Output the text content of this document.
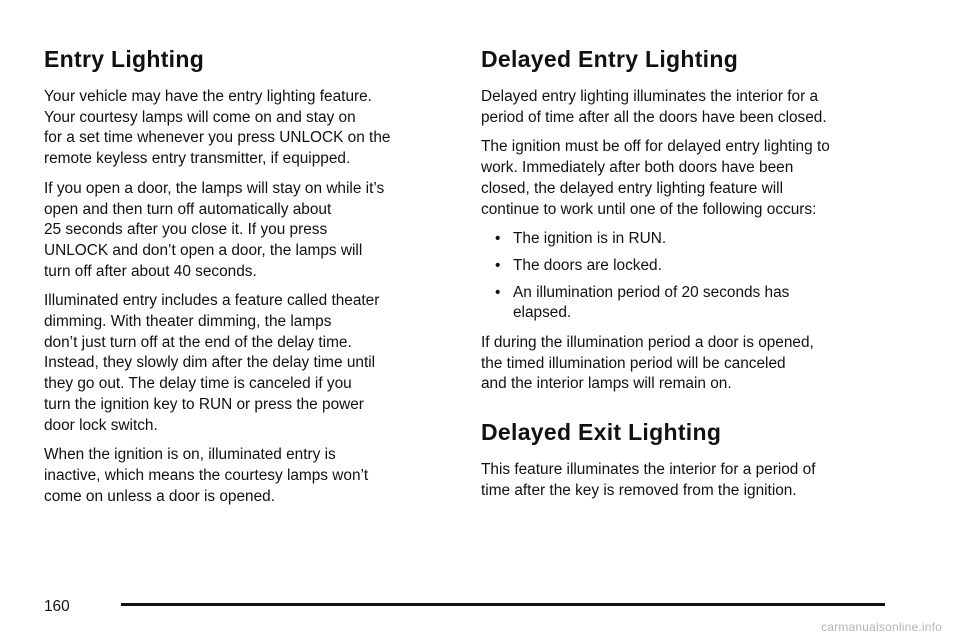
Entry Lighting

Your vehicle may have the entry lighting feature.
Your courtesy lamps will come on and stay on
for a set time whenever you press UNLOCK on the
remote keyless entry transmitter, if equipped.

If you open a door, the lamps will stay on while it’s
open and then turn off automatically about
25 seconds after you close it. If you press
UNLOCK and don’t open a door, the lamps will
turn off after about 40 seconds.

Illuminated entry includes a feature called theater
dimming. With theater dimming, the lamps
don’t just turn off at the end of the delay time.
Instead, they slowly dim after the delay time until
they go out. The delay time is canceled if you
turn the ignition key to RUN or press the power
door lock switch.

When the ignition is on, illuminated entry is
inactive, which means the courtesy lamps won’t
come on unless a door is opened.

Delayed Entry Lighting

Delayed entry lighting illuminates the interior for a
period of time after all the doors have been closed.

The ignition must be off for delayed entry lighting to
work. Immediately after both doors have been
closed, the delayed entry lighting feature will
continue to work until one of the following occurs:

• The ignition is in RUN.
• The doors are locked.
• An illumination period of 20 seconds has
elapsed.

If during the illumination period a door is opened,
the timed illumination period will be canceled
and the interior lamps will remain on.

Delayed Exit Lighting

This feature illuminates the interior for a period of
time after the key is removed from the ignition.

160
carmanualsonline.info
